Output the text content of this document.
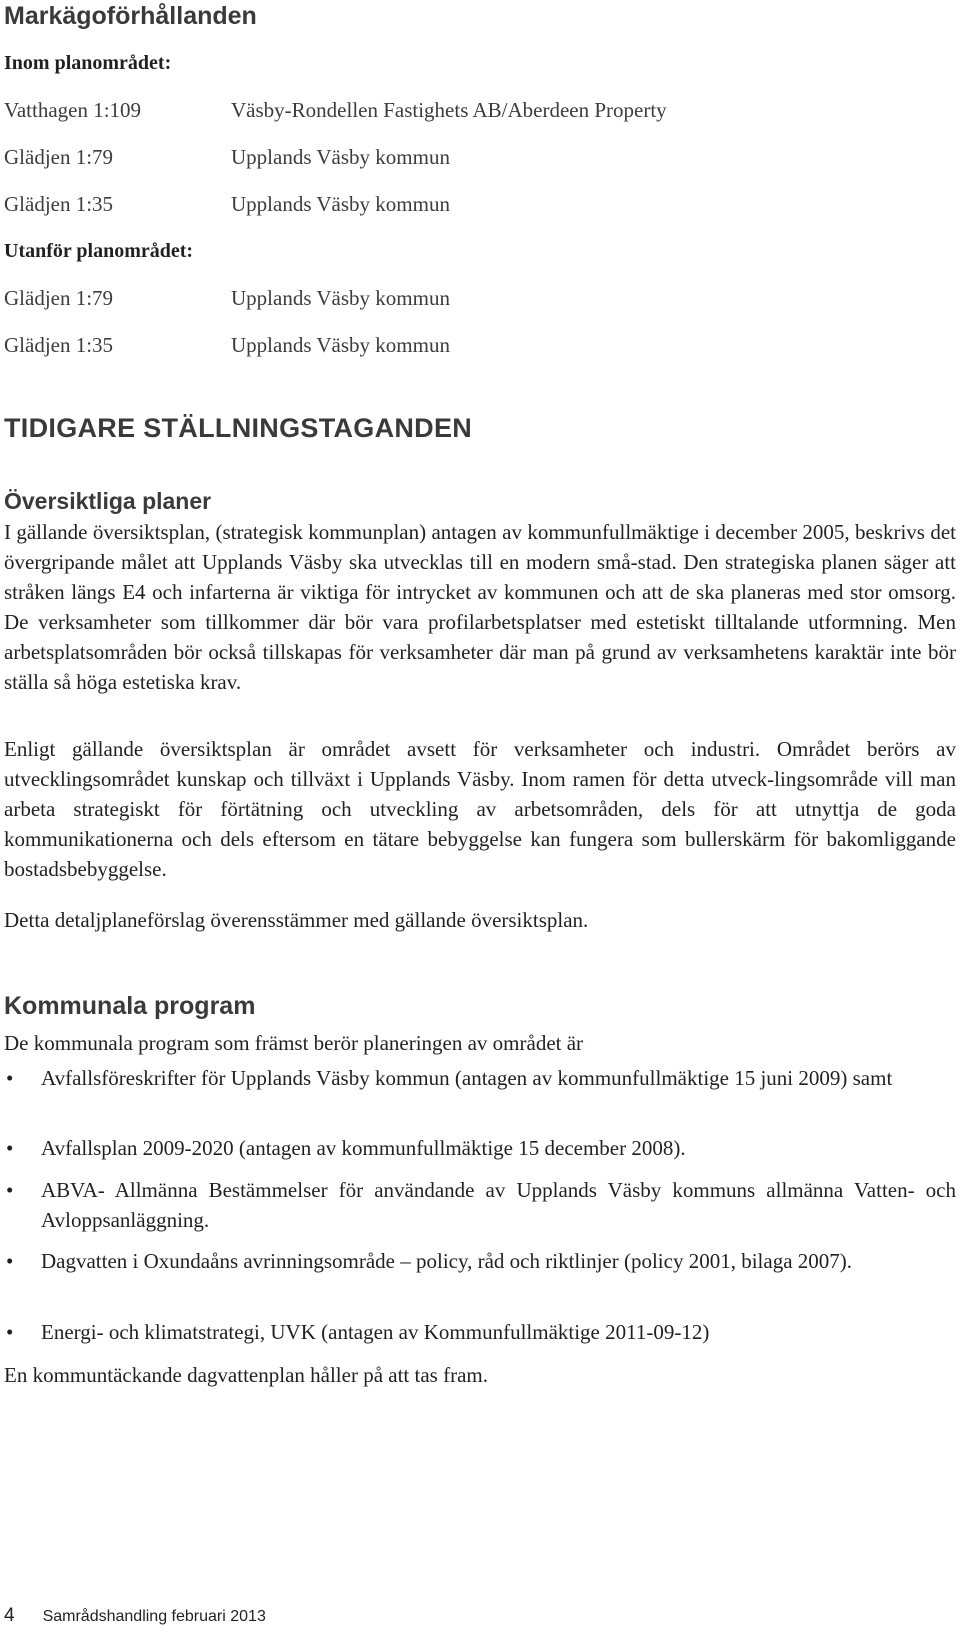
Markägoförhållanden
Inom planområdet:
Vatthagen 1:109	Väsby-Rondellen Fastighets AB/Aberdeen Property
Glädjen 1:79	Upplands Väsby kommun
Glädjen 1:35	Upplands Väsby kommun
Utanför planområdet:
Glädjen 1:79	Upplands Väsby kommun
Glädjen 1:35	Upplands Väsby kommun
TIDIGARE STÄLLNINGSTAGANDEN
Översiktliga planer

I gällande översiktsplan, (strategisk kommunplan) antagen av kommunfullmäktige i december 2005, beskrivs det övergripande målet att Upplands Väsby ska utvecklas till en modern små-stad. Den strategiska planen säger att stråken längs E4 och infarterna är viktiga för intrycket av kommunen och att de ska planeras med stor omsorg. De verksamheter som tillkommer där bör vara profilarbetsplatser med estetiskt tilltalande utformning. Men arbetsplatsområden bör också tillskapas för verksamheter där man på grund av verksamhetens karaktär inte bör ställa så höga estetiska krav.

Enligt gällande översiktsplan är området avsett för verksamheter och industri. Området berörs av utvecklingsområdet kunskap och tillväxt i Upplands Väsby. Inom ramen för detta utveck-lingsområde vill man arbeta strategiskt för förtätning och utveckling av arbetsområden, dels för att utnyttja de goda kommunikationerna och dels eftersom en tätare bebyggelse kan fungera som bullerskärm för bakomliggande bostadsbebyggelse.

Detta detaljplaneförslag överensstämmer med gällande översiktsplan.

Kommunala program

De kommunala program som främst berör planeringen av området är

• Avfallsföreskrifter för Upplands Väsby kommun (antagen av kommunfullmäktige 15 juni 2009) samt
• Avfallsplan 2009-2020 (antagen av kommunfullmäktige 15 december 2008).
• ABVA- Allmänna Bestämmelser för användande av Upplands Väsby kommuns allmänna Vatten- och Avloppsanläggning.
• Dagvatten i Oxundaåns avrinningsområde – policy, råd och riktlinjer (policy 2001, bilaga 2007).
• Energi- och klimatstrategi, UVK (antagen av Kommunfullmäktige 2011-09-12)

En kommuntäckande dagvattenplan håller på att tas fram.

4 Samrådshandling februari 2013
